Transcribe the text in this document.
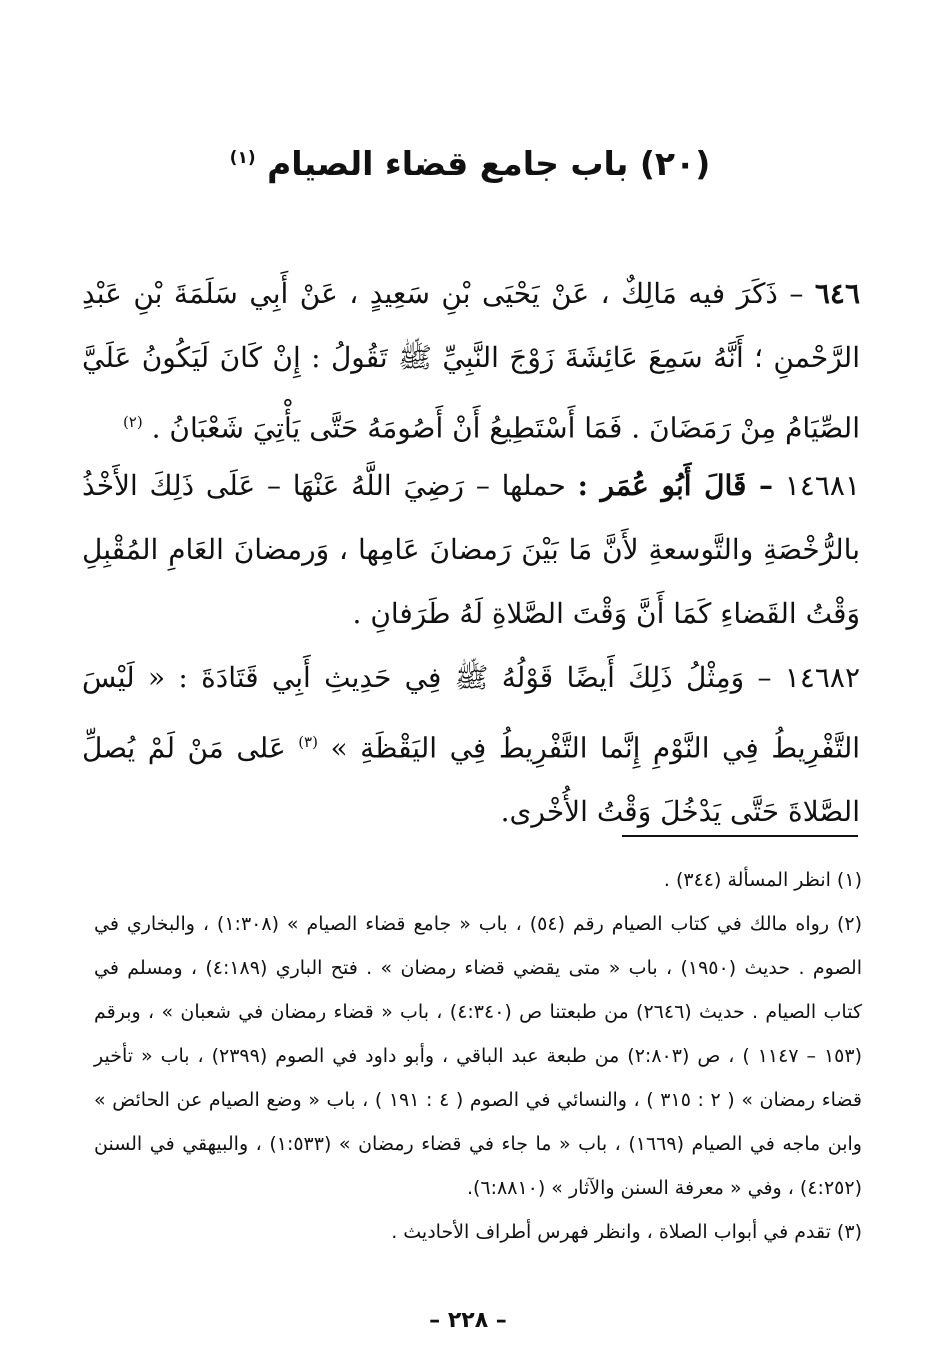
(٢٠) باب جامع قضاء الصيام $^{(١)}$

٦٤٦ – ذَكَرَ فيه مَالِكٌ ، عَنْ يَحْيَى بْنِ سَعِيدٍ ، عَنْ أَبِي سَلَمَةَ بْنِ عَبْدِ الرَّحْمنِ ؛ أَنَّهُ سَمِعَ عَائِشَةَ زَوْجَ النَّبِيِّ ﷺ تَقُولُ : إِنْ كَانَ لَيَكُونُ عَلَيَّ الصِّيَامُ مِنْ رَمَضَانَ . فَمَا أَسْتَطِيعُ أَنْ أَصُومَهُ حَتَّى يَأْتِيَ شَعْبَانُ . $^{(٢)}$

١٤٦٨١ – قَالَ أَبُو عُمَر : حملها – رَضِيَ اللَّهُ عَنْهَا – عَلَى ذَلِكَ الأَخْذُ بالرُّخْصَةِ والتَّوسعةِ لأَنَّ مَا بَيْنَ رَمضانَ عَامِها ، وَرمضانَ العَامِ المُقْبِلِ وَقْتُ القَضاءِ كَمَا أَنَّ وَقْتَ الصَّلاةِ لَهُ طَرَفانِ .

١٤٦٨٢ – وَمِثْلُ ذَلِكَ أَيضًا قَوْلُهُ ﷺ فِي حَدِيثِ أَبِي قَتَادَةَ : « لَيْسَ التَّفْرِيطُ فِي النَّوْمِ إِنَّما التَّفْرِيطُ فِي اليَقْظَةِ » $^{(٣)}$ عَلى مَنْ لَمْ يُصلِّ الصَّلاةَ حَتَّى يَدْخُلَ وَقْتُ الأُخْرى.

(١) انظر المسألة (٣٤٤) .

(٢) رواه مالك في كتاب الصيام رقم (٥٤) ، باب « جامع قضاء الصيام » (١:٣٠٨) ، والبخاري في الصوم . حديث (١٩٥٠) ، باب « متى يقضي قضاء رمضان » . فتح الباري (٤:١٨٩) ، ومسلم في كتاب الصيام . حديث (٢٦٤٦) من طبعتنا ص (٤:٣٤٠) ، باب « قضاء رمضان في شعبان » ، وبرقم (١٥٣ – ١١٤٧ ) ، ص (٢:٨٠٣) من طبعة عبد الباقي ، وأبو داود في الصوم (٢٣٩٩) ، باب « تأخير قضاء رمضان » ( ٢ : ٣١٥ ) ، والنسائي في الصوم ( ٤ : ١٩١ ) ، باب « وضع الصيام عن الحائض » وابن ماجه في الصيام (١٦٦٩) ، باب « ما جاء في قضاء رمضان » (١:٥٣٣) ، والبيهقي في السنن (٤:٢٥٢) ، وفي « معرفة السنن والآثار » (٦:٨٨١٠).

(٣) تقدم في أبواب الصلاة ، وانظر فهرس أطراف الأحاديث .

– ٢٢٨ –
